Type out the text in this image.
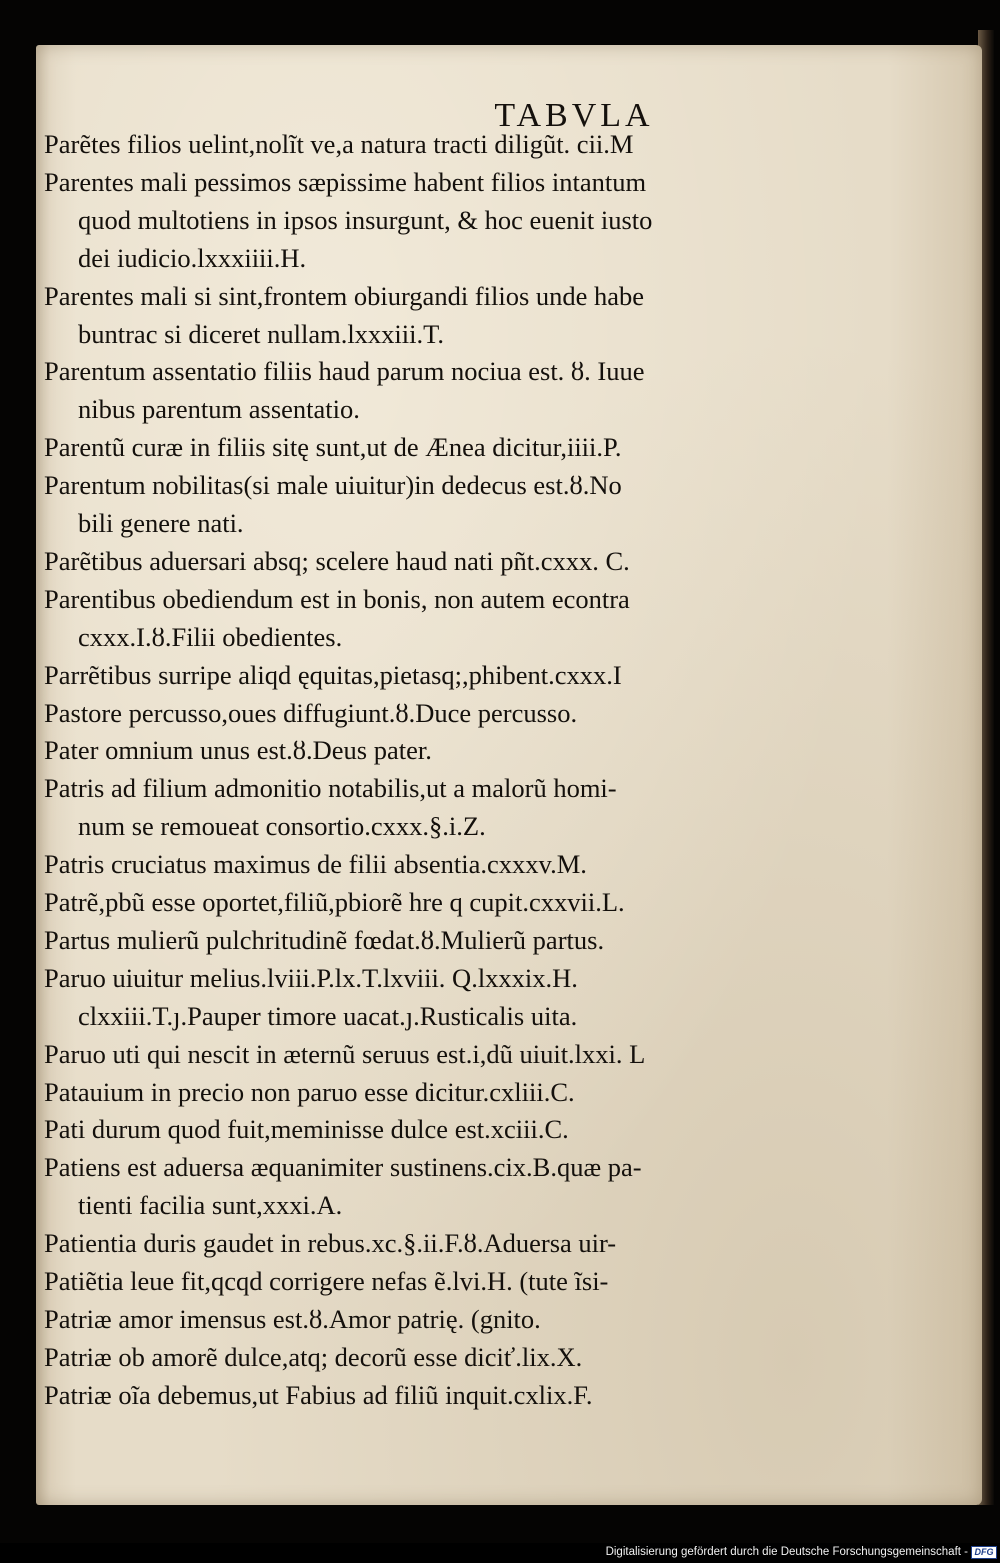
TABVLA
Parẽtes filios uelint,nolĩt ve,a natura tracti diligũt. cii.M
Parentes mali pessimos sæpissime habent filios intantum
quod multotiens in ipsos insurgunt, & hoc euenit iusto
dei iudicio.lxxxiiii.H.
Parentes mali si sint,frontem obiurgandi filios unde habe
buntrac si diceret nullam.lxxxiii.T.
Parentum assentatio filiis haud parum nociua est. ȣ. Iuue
nibus parentum assentatio.
Parentũ curæ in filiis sitę sunt,ut de Ænea dicitur,iiii.P.
Parentum nobilitas(si male uiuitur)in dedecus est.ȣ.No
bili genere nati.
Parẽtibus aduersari absq; scelere haud nati pñt.cxxx. C.
Parentibus obediendum est in bonis, non autem econtra
cxxx.I.ȣ.Filii obedientes.
Parrẽtibus surripe aliqd ęquitas,pietasq;,phibent.cxxx.I
Pastore percusso,oues diffugiunt.ȣ.Duce percusso.
Pater omnium unus est.ȣ.Deus pater.
Patris ad filium admonitio notabilis,ut a malorũ homi-
num se remoueat consortio.cxxx.§.i.Z.
Patris cruciatus maximus de filii absentia.cxxxv.M.
Patrẽ,pbũ esse oportet,filiũ,pbiorẽ hre q cupit.cxxvii.L.
Partus mulierũ pulchritudinẽ fœdat.ȣ.Mulierũ partus.
Paruo uiuitur melius.lviii.P.lx.T.lxviii. Q.lxxxix.H.
clxxiii.T.ȷ.Pauper timore uacat.ȷ.Rusticalis uita.
Paruo uti qui nescit in æternũ seruus est.i,dũ uiuit.lxxi. L
Patauium in precio non paruo esse dicitur.cxliii.C.
Pati durum quod fuit,meminisse dulce est.xciii.C.
Patiens est aduersa æquanimiter sustinens.cix.B.quæ pa-
tienti facilia sunt,xxxi.A.
Patientia duris gaudet in rebus.xc.§.ii.F.ȣ.Aduersa uir-
Patiẽtia leue fit,qcqd corrigere nefas ẽ.lvi.H. (tute ĩsi-
Patriæ amor imensus est.ȣ.Amor patrię. (gnito.
Patriæ ob amorẽ dulce,atq; decorũ esse diciť.lix.X.
Patriæ oĩa debemus,ut Fabius ad filiũ inquit.cxlix.F.
Digitalisierung gefördert durch die Deutsche Forschungsgemeinschaft - DFG
